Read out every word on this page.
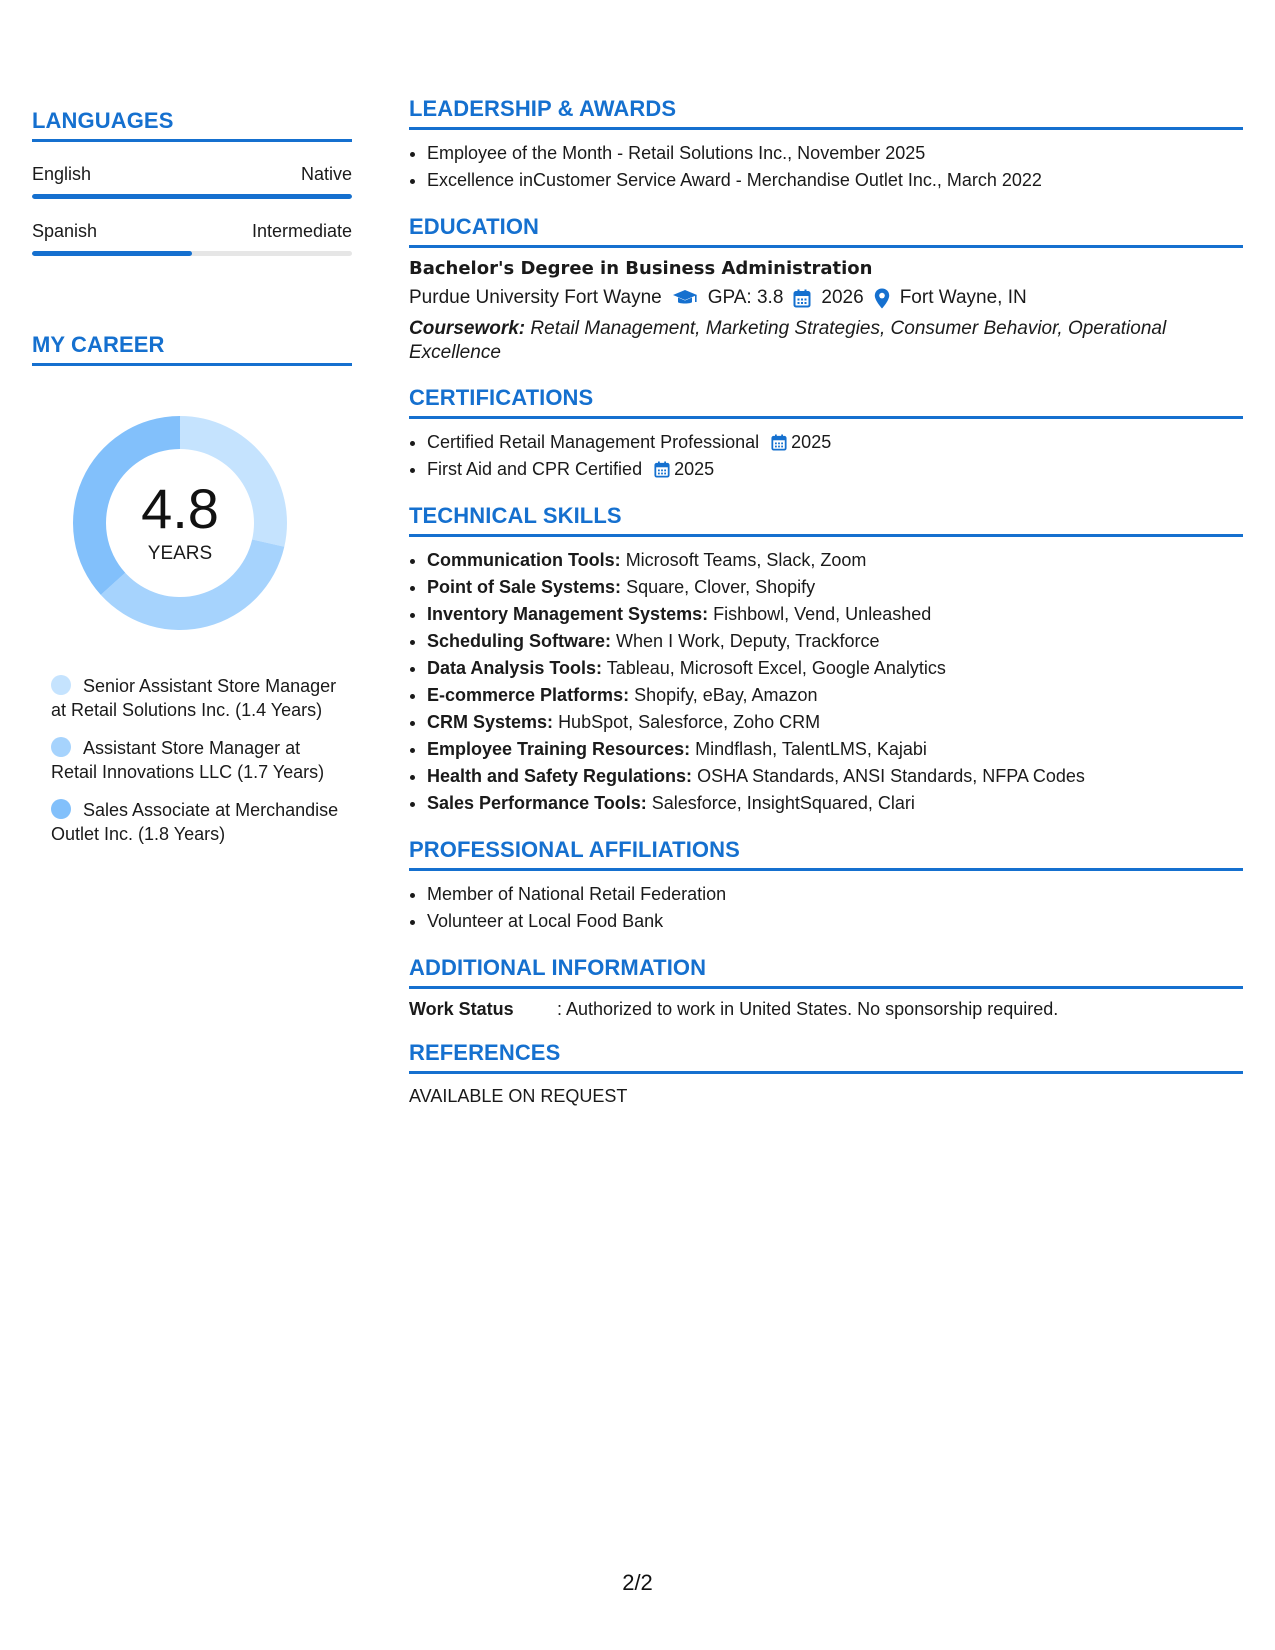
LANGUAGES
English	Native
Spanish	Intermediate
MY CAREER
4.8
YEARS
Senior Assistant Store Manager at Retail Solutions Inc. (1.4 Years)
Assistant Store Manager at Retail Innovations LLC (1.7 Years)
Sales Associate at Merchandise Outlet Inc. (1.8 Years)
LEADERSHIP & AWARDS
• Employee of the Month - Retail Solutions Inc., November 2025
• Excellence inCustomer Service Award - Merchandise Outlet Inc., March 2022
EDUCATION
Bachelor's Degree in Business Administration
Purdue University Fort Wayne GPA: 3.8 2026 Fort Wayne, IN
Coursework: Retail Management, Marketing Strategies, Consumer Behavior, Operational Excellence
CERTIFICATIONS
• Certified Retail Management Professional 2025
• First Aid and CPR Certified 2025
TECHNICAL SKILLS
• Communication Tools: Microsoft Teams, Slack, Zoom
• Point of Sale Systems: Square, Clover, Shopify
• Inventory Management Systems: Fishbowl, Vend, Unleashed
• Scheduling Software: When I Work, Deputy, Trackforce
• Data Analysis Tools: Tableau, Microsoft Excel, Google Analytics
• E-commerce Platforms: Shopify, eBay, Amazon
• CRM Systems: HubSpot, Salesforce, Zoho CRM
• Employee Training Resources: Mindflash, TalentLMS, Kajabi
• Health and Safety Regulations: OSHA Standards, ANSI Standards, NFPA Codes
• Sales Performance Tools: Salesforce, InsightSquared, Clari
PROFESSIONAL AFFILIATIONS
• Member of National Retail Federation
• Volunteer at Local Food Bank
ADDITIONAL INFORMATION
Work Status	: Authorized to work in United States. No sponsorship required.
REFERENCES
AVAILABLE ON REQUEST
2/2
